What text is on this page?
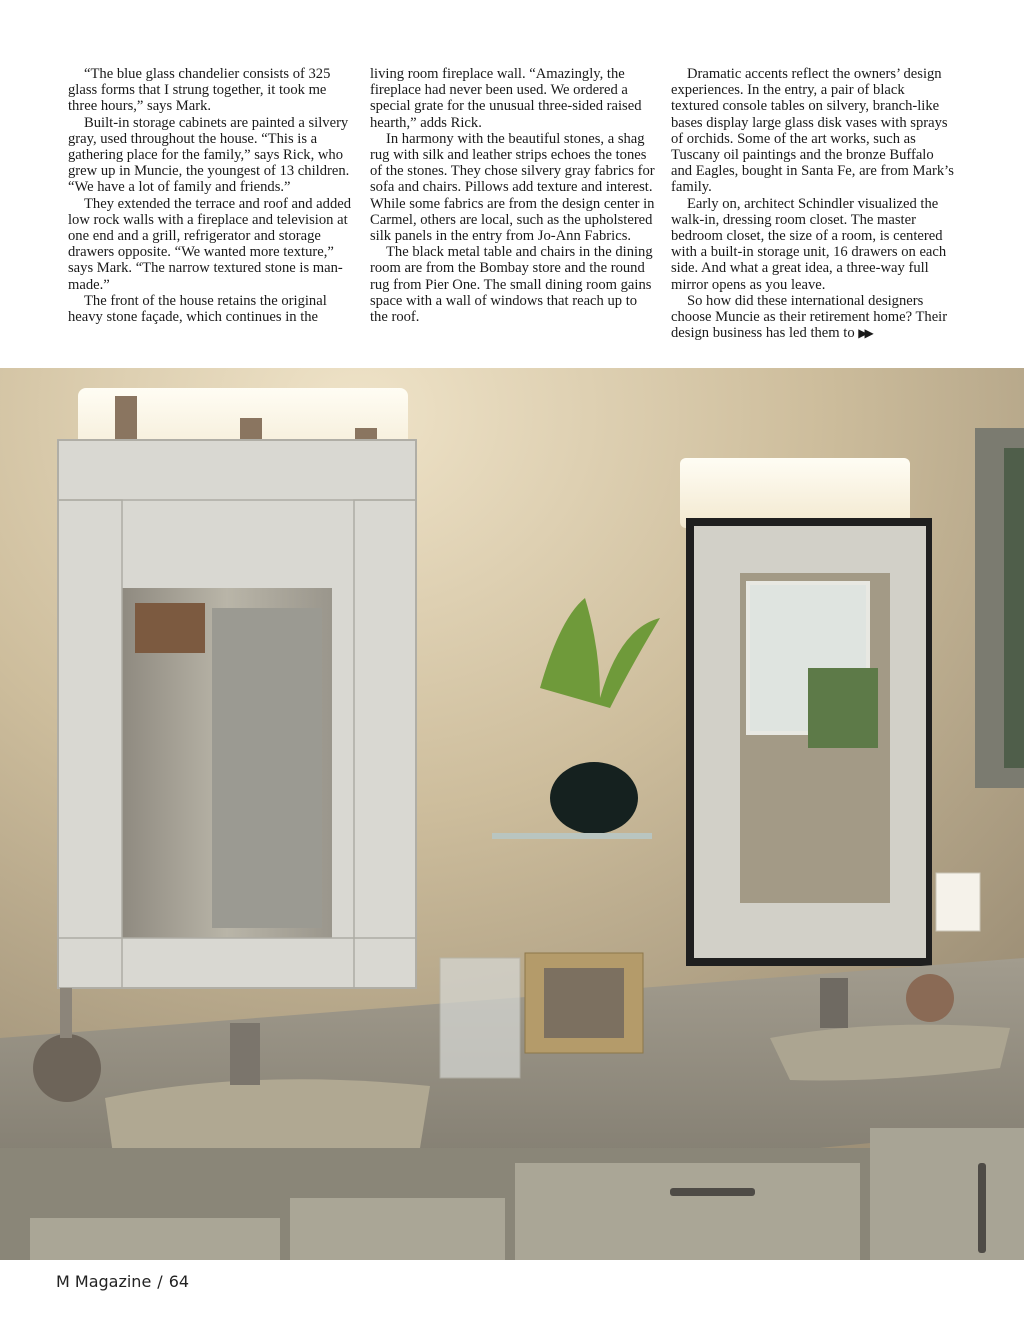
“The blue glass chandelier consists of 325 glass forms that I strung together, it took me three hours,” says Mark.

Built-in storage cabinets are painted a silvery gray, used throughout the house. “This is a gathering place for the family,” says Rick, who grew up in Muncie, the youngest of 13 children. “We have a lot of family and friends.”

They extended the terrace and roof and added low rock walls with a fireplace and television at one end and a grill, refrigerator and storage drawers opposite. “We wanted more texture,” says Mark. “The narrow textured stone is man-made.”

The front of the house retains the original heavy stone façade, which continues in the

living room fireplace wall. “Amazingly, the fireplace had never been used. We ordered a special grate for the unusual three-sided raised hearth,” adds Rick.

In harmony with the beautiful stones, a shag rug with silk and leather strips echoes the tones of the stones. They chose silvery gray fabrics for sofa and chairs. Pillows add texture and interest. While some fabrics are from the design center in Carmel, others are local, such as the upholstered silk panels in the entry from Jo-Ann Fabrics.

The black metal table and chairs in the dining room are from the Bombay store and the round rug from Pier One. The small dining room gains space with a wall of windows that reach up to the roof.

Dramatic accents reflect the owners’ design experiences. In the entry, a pair of black textured console tables on silvery, branch-like bases display large glass disk vases with sprays of orchids. Some of the art works, such as Tuscany oil paintings and the bronze Buffalo and Eagles, bought in Santa Fe, are from Mark’s family.

Early on, architect Schindler visualized the walk-in, dressing room closet. The master bedroom closet, the size of a room, is centered with a built-in storage unit, 16 drawers on each side. And what a great idea, a three-way full mirror opens as you leave.

So how did these international designers choose Muncie as their retirement home? Their design business has led them to ▶▶

M Magazine / 64
